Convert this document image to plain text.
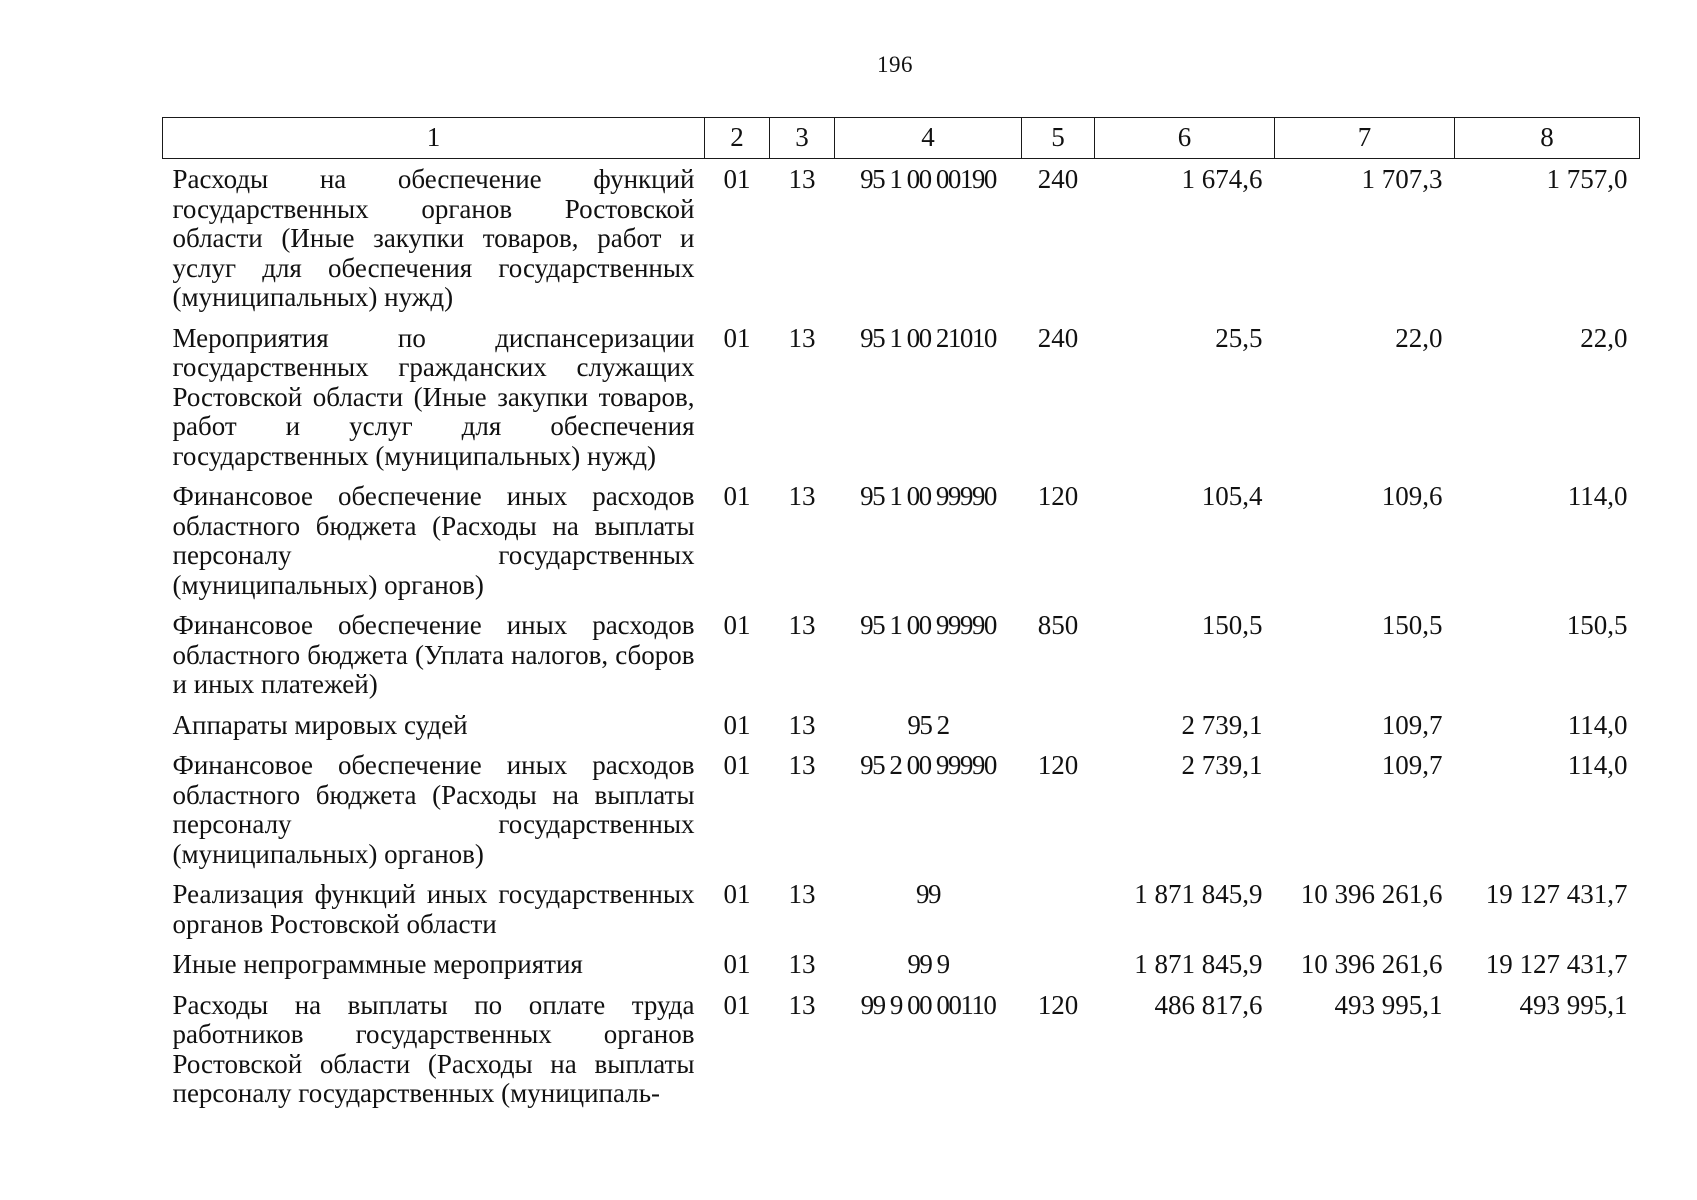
196
1	2	3	4	5	6	7	8
Расходы на обеспечение функций государственных органов Ростовской области (Иные закупки товаров, работ и услуг для обеспечения государственных (муниципальных) нужд)	01	13	95 1 00 00190	240	1 674,6	1 707,3	1 757,0
Мероприятия по диспансеризации государственных гражданских служащих Ростовской области (Иные закупки товаров, работ и услуг для обеспечения государственных (муниципальных) нужд)	01	13	95 1 00 21010	240	25,5	22,0	22,0
Финансовое обеспечение иных расходов областного бюджета (Расходы на выплаты персоналу государственных (муниципальных) органов)	01	13	95 1 00 99990	120	105,4	109,6	114,0
Финансовое обеспечение иных расходов областного бюджета (Уплата налогов, сборов и иных платежей)	01	13	95 1 00 99990	850	150,5	150,5	150,5
Аппараты мировых судей	01	13	95 2		2 739,1	109,7	114,0
Финансовое обеспечение иных расходов областного бюджета (Расходы на выплаты персоналу государственных (муниципальных) органов)	01	13	95 2 00 99990	120	2 739,1	109,7	114,0
Реализация функций иных государственных органов Ростовской области	01	13	99		1 871 845,9	10 396 261,6	19 127 431,7
Иные непрограммные мероприятия	01	13	99 9		1 871 845,9	10 396 261,6	19 127 431,7
Расходы на выплаты по оплате труда работников государственных органов Ростовской области (Расходы на выплаты персоналу государственных (муниципаль-	01	13	99 9 00 00110	120	486 817,6	493 995,1	493 995,1
